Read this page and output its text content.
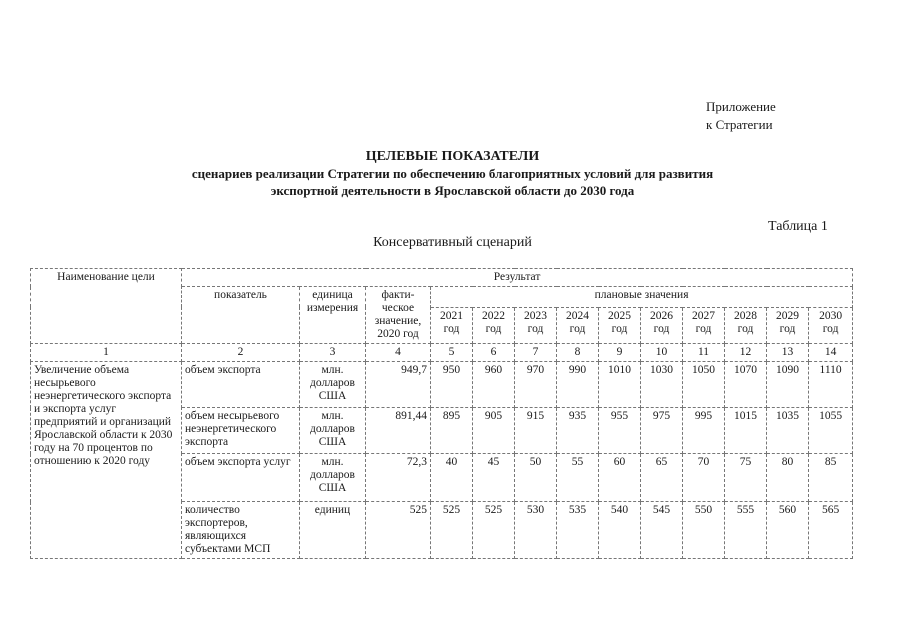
Приложение
к Стратегии
ЦЕЛЕВЫЕ ПОКАЗАТЕЛИ
сценариев реализации Стратегии по обеспечению благоприятных условий для развития
экспортной деятельности в Ярославской области до 2030 года
Таблица 1
Консервативный сценарий
Наименование цели	Результат												
	показатель	единица измерения	факти-ческое значение, 2020 год	плановые значения									
				2021 год	2022 год	2023 год	2024 год	2025 год	2026 год	2027 год	2028 год	2029 год	2030 год
1	2	3	4	5	6	7	8	9	10	11	12	13	14
Увеличение объема несырьевого неэнергетического экспорта и экспорта услуг предприятий и организаций Ярославской области к 2030 году на 70 процентов по отношению к 2020 году	объем экспорта	млн. долларов США	949,7	950	960	970	990	1010	1030	1050	1070	1090	1110
	объем несырьевого неэнергетического экспорта	млн. долларов США	891,44	895	905	915	935	955	975	995	1015	1035	1055
	объем экспорта услуг	млн. долларов США	72,3	40	45	50	55	60	65	70	75	80	85
	количество экспортеров, являющихся субъектами МСП	единиц	525	525	525	530	535	540	545	550	555	560	565
